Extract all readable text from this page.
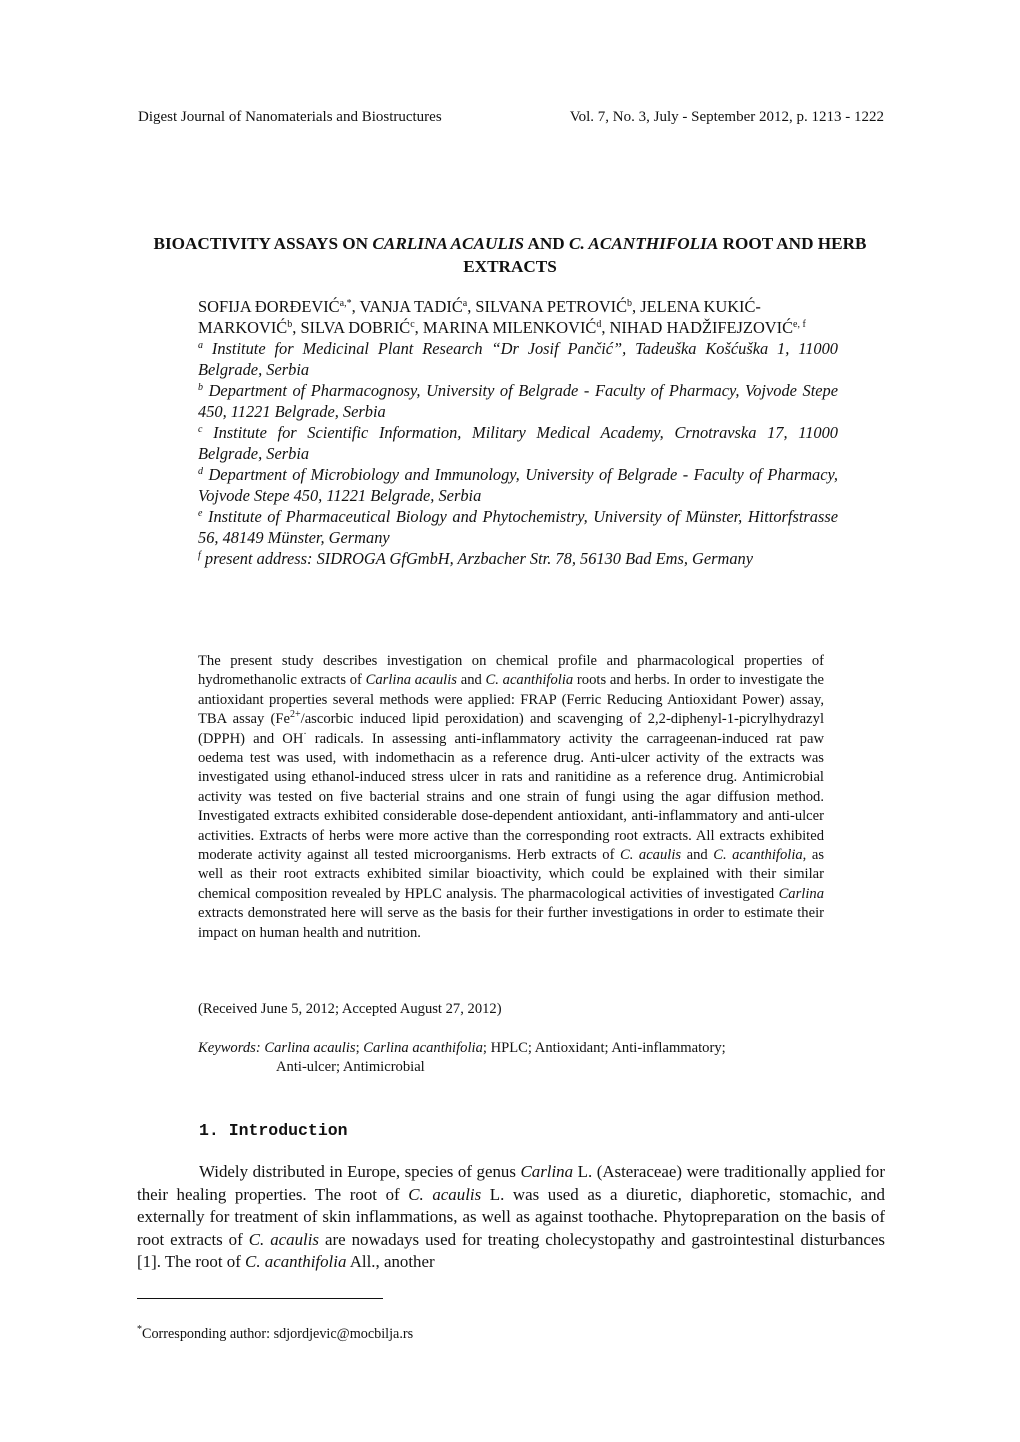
Digest Journal of Nanomaterials and Biostructures	Vol. 7, No. 3, July - September 2012, p. 1213 - 1222
BIOACTIVITY ASSAYS ON CARLINA ACAULIS AND C. ACANTHIFOLIA ROOT AND HERB EXTRACTS
SOFIJA $ĐORĐEVIĆ^{a,*}$, VANJA TADIĆ$^a$, SILVANA PETROVIĆ$^b$, JELENA KUKIĆ-MARKOVIĆ$^b$, SILVA DOBRIĆ$^c$, MARINA MILENKOVIĆ$^d$, NIHAD HADŽIFEJZOVIĆ$^{e, f}$
$^a$ Institute for Medicinal Plant Research “Dr Josif Pančić”, Tadeuška Košćuška 1, 11000 Belgrade, Serbia
$^b$ Department of Pharmacognosy, University of Belgrade - Faculty of Pharmacy, Vojvode Stepe 450, 11221 Belgrade, Serbia
$^c$ Institute for Scientific Information, Military Medical Academy, Crnotravska 17, 11000 Belgrade, Serbia
$^d$ Department of Microbiology and Immunology, University of Belgrade - Faculty of Pharmacy, Vojvode Stepe 450, 11221 Belgrade, Serbia
$^e$ Institute of Pharmaceutical Biology and Phytochemistry, University of Münster, Hittorfstrasse 56, 48149 Münster, Germany
$^f$ present address: SIDROGA GfGmbH, Arzbacher Str. 78, 56130 Bad Ems, Germany
The present study describes investigation on chemical profile and pharmacological properties of hydromethanolic extracts of Carlina acaulis and C. acanthifolia roots and herbs. In order to investigate the antioxidant properties several methods were applied: FRAP (Ferric Reducing Antioxidant Power) assay, TBA assay ($Fe^{2+}$/ascorbic induced lipid peroxidation) and scavenging of 2,2-diphenyl-1-picrylhydrazyl (DPPH) and OH· radicals. In assessing anti-inflammatory activity the carrageenan-induced rat paw oedema test was used, with indomethacin as a reference drug. Anti-ulcer activity of the extracts was investigated using ethanol-induced stress ulcer in rats and ranitidine as a reference drug. Antimicrobial activity was tested on five bacterial strains and one strain of fungi using the agar diffusion method. Investigated extracts exhibited considerable dose-dependent antioxidant, anti-inflammatory and anti-ulcer activities. Extracts of herbs were more active than the corresponding root extracts. All extracts exhibited moderate activity against all tested microorganisms. Herb extracts of C. acaulis and C. acanthifolia, as well as their root extracts exhibited similar bioactivity, which could be explained with their similar chemical composition revealed by HPLC analysis. The pharmacological activities of investigated Carlina extracts demonstrated here will serve as the basis for their further investigations in order to estimate their impact on human health and nutrition.
(Received June 5, 2012; Accepted August 27, 2012)
Keywords: Carlina acaulis; Carlina acanthifolia; HPLC; Antioxidant; Anti-inflammatory;
Anti-ulcer; Antimicrobial
1. Introduction
Widely distributed in Europe, species of genus Carlina L. (Asteraceae) were traditionally applied for their healing properties. The root of C. acaulis L. was used as a diuretic, diaphoretic, stomachic, and externally for treatment of skin inflammations, as well as against toothache. Phytopreparation on the basis of root extracts of C. acaulis are nowadays used for treating cholecystopathy and gastrointestinal disturbances [1]. The root of C. acanthifolia All., another
*Corresponding author: sdjordjevic@mocbilja.rs
